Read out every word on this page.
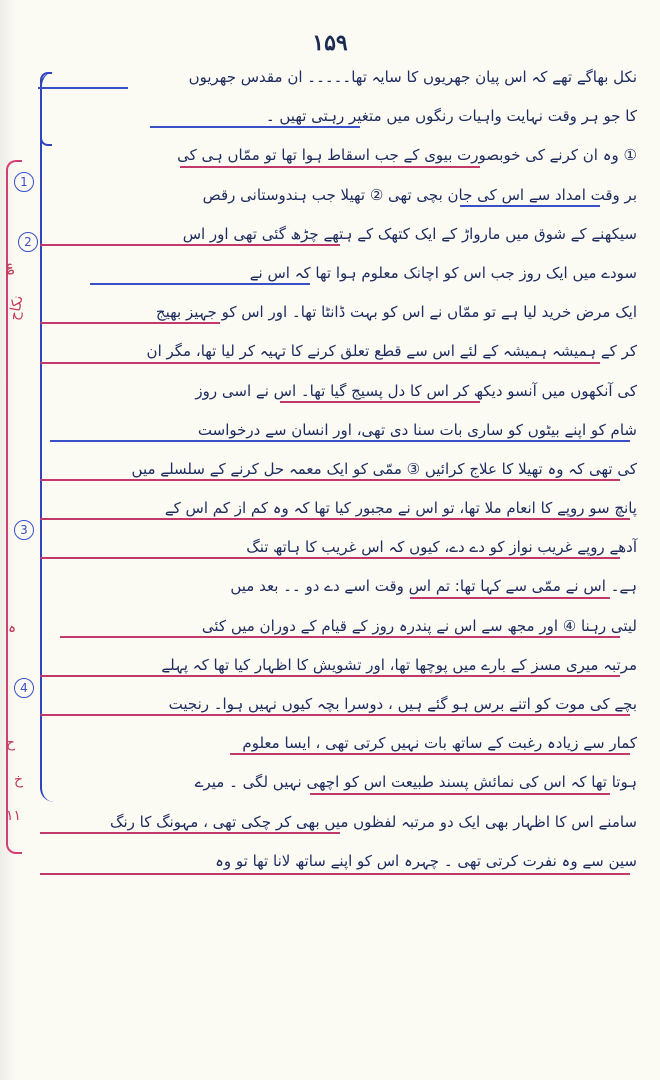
۱۵۹
1
2
3
4
نکاح
؏
ہ
ح
خ
۱۱
نکل بھاگے تھے کہ اس پیان جھریوں کا سایہ تھا۔۔۔۔۔ ان مقدس جھریوں
کا جو ہر وقت نہایت واہیات رنگوں میں متغیر رہتی تھیں ۔
① وہ ان کرنے کی خوبصورت بیوی کے جب اسقاط ہوا تھا تو ممّاں ہی کی
بر وقت امداد سے اس کی جان بچی تھی ② تھیلا جب ہندوستانی رقص
سیکھنے کے شوق میں مارواڑ کے ایک کتھک کے ہتھے چڑھ گئی تھی اور اس
سودے میں ایک روز جب اس کو اچانک معلوم ہوا تھا کہ اس نے
ایک مرض خرید لیا ہے تو ممّاں نے اس کو بہت ڈانٹا تھا۔ اور اس کو جہیز بھیج
کر کے ہمیشہ ہمیشہ کے لئے اس سے قطع تعلق کرنے کا تہیہ کر لیا تھا، مگر ان
کی آنکھوں میں آنسو دیکھ کر اس کا دل پسیج گیا تھا۔ اس نے اسی روز
شام کو اپنے بیٹوں کو ساری بات سنا دی تھی، اور انسان سے درخواست
کی تھی کہ وہ تھیلا کا علاج کرائیں ③ ممّی کو ایک معمہ حل کرنے کے سلسلے میں
پانچ سو روپے کا انعام ملا تھا، تو اس نے مجبور کیا تھا کہ وہ کم از کم اس کے
آدھے روپے غریب نواز کو دے دے، کیوں کہ اس غریب کا ہاتھ تنگ
ہے۔ اس نے ممّی سے کہا تھا: تم اس وقت اسے دے دو ۔۔ بعد میں
لیتی رہنا ④ اور مجھ سے اس نے پندرہ روز کے قیام کے دوران میں کئی
مرتبہ میری مسز کے بارے میں پوچھا تھا، اور تشویش کا اظہار کیا تھا کہ پہلے
بچے کی موت کو اتنے برس ہو گئے ہیں ، دوسرا بچہ کیوں نہیں ہوا۔ رنجیت
کمار سے زیادہ رغبت کے ساتھ بات نہیں کرتی تھی ، ایسا معلوم
ہوتا تھا کہ اس کی نمائش پسند طبیعت اس کو اچھی نہیں لگی ۔ میرے
سامنے اس کا اظہار بھی ایک دو مرتبہ لفظوں میں بھی کر چکی تھی ، مہونگ کا رنگ
سین سے وہ نفرت کرتی تھی ۔ چہرہ اس کو اپنے ساتھ لانا تھا تو وہ
